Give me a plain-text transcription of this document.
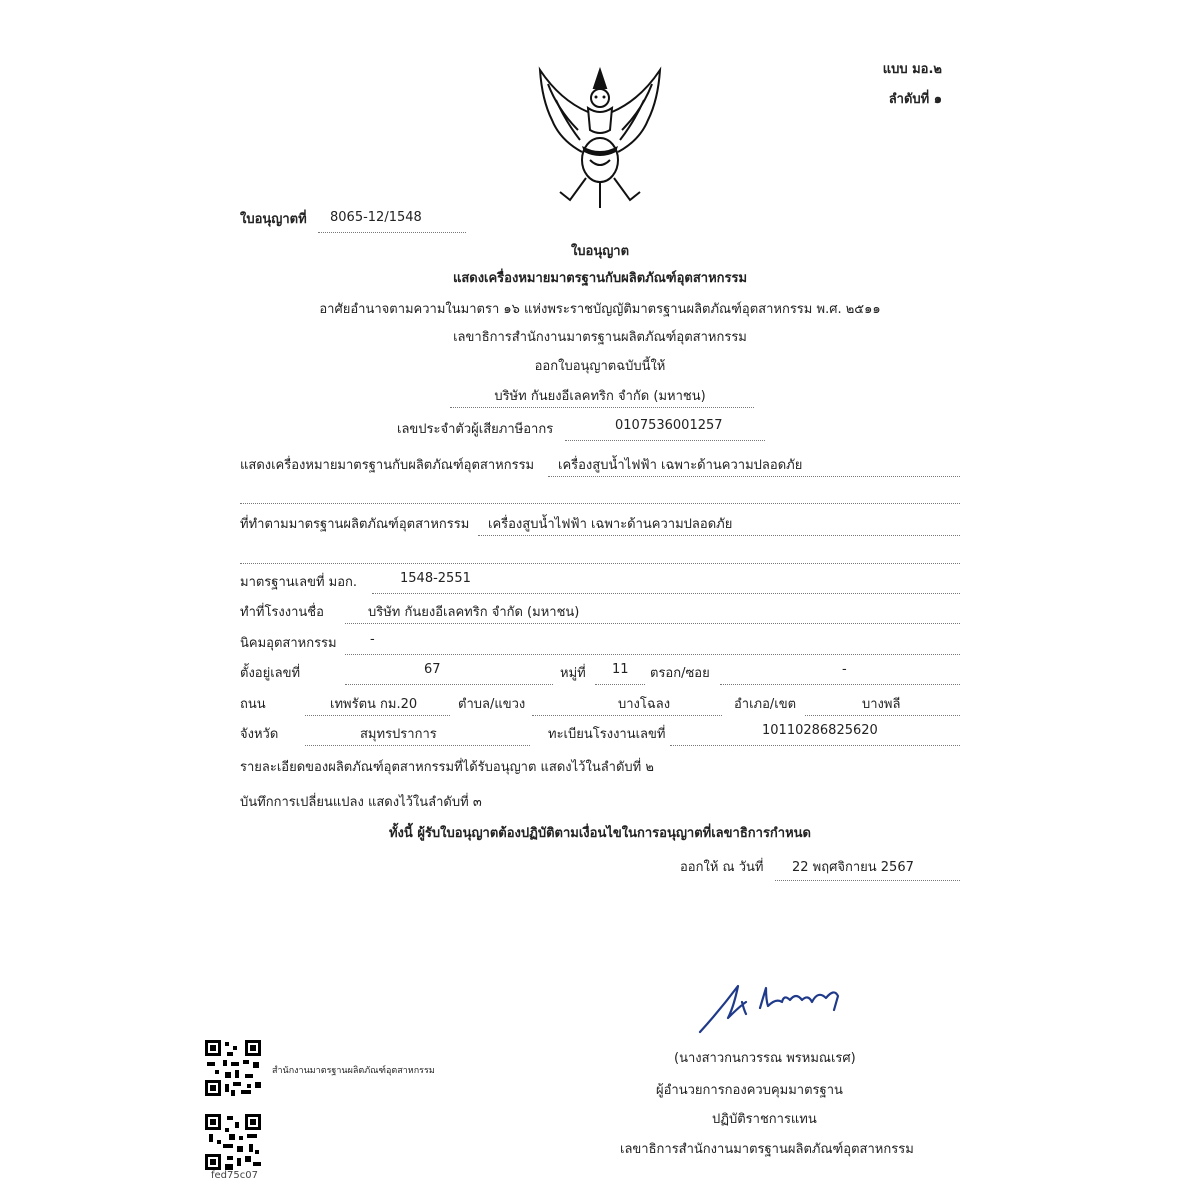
แบบ มอ.๒
ลำดับที่ ๑
ใบอนุญาตที่ 8065-12/1548
ใบอนุญาต
แสดงเครื่องหมายมาตรฐานกับผลิตภัณฑ์อุตสาหกรรม
อาศัยอำนาจตามความในมาตรา ๑๖ แห่งพระราชบัญญัติมาตรฐานผลิตภัณฑ์อุตสาหกรรม พ.ศ. ๒๕๑๑
เลขาธิการสำนักงานมาตรฐานผลิตภัณฑ์อุตสาหกรรม
ออกใบอนุญาตฉบับนี้ให้
บริษัท กันยงอีเลคทริก จำกัด (มหาชน)
เลขประจำตัวผู้เสียภาษีอากร	0107536001257
แสดงเครื่องหมายมาตรฐานกับผลิตภัณฑ์อุตสาหกรรม เครื่องสูบน้ำไฟฟ้า เฉพาะด้านความปลอดภัย
ที่ทำตามมาตรฐานผลิตภัณฑ์อุตสาหกรรม เครื่องสูบน้ำไฟฟ้า เฉพาะด้านความปลอดภัย
มาตรฐานเลขที่ มอก.	1548-2551
ทำที่โรงงานชื่อ	บริษัท กันยงอีเลคทริก จำกัด (มหาชน)
นิคมอุตสาหกรรม	-
ตั้งอยู่เลขที่	67	หมู่ที่ 11 ตรอก/ซอย	-
ถนน	เทพรัตน กม.20	ตำบล/แขวง	บางโฉลง	อำเภอ/เขต	บางพลี
จังหวัด	สมุทรปราการ	ทะเบียนโรงงานเลขที่	10110286825620
รายละเอียดของผลิตภัณฑ์อุตสาหกรรมที่ได้รับอนุญาต แสดงไว้ในลำดับที่ ๒
บันทึกการเปลี่ยนแปลง แสดงไว้ในลำดับที่ ๓
ทั้งนี้ ผู้รับใบอนุญาตต้องปฏิบัติตามเงื่อนไขในการอนุญาตที่เลขาธิการกำหนด
ออกให้ ณ วันที่ 22 พฤศจิกายน 2567
(นางสาวกนกวรรณ พรหมณเรศ)
ผู้อำนวยการกองควบคุมมาตรฐาน
ปฏิบัติราชการแทน
เลขาธิการสำนักงานมาตรฐานผลิตภัณฑ์อุตสาหกรรม
สำนักงานมาตรฐานผลิตภัณฑ์อุตสาหกรรม
fed75c07
